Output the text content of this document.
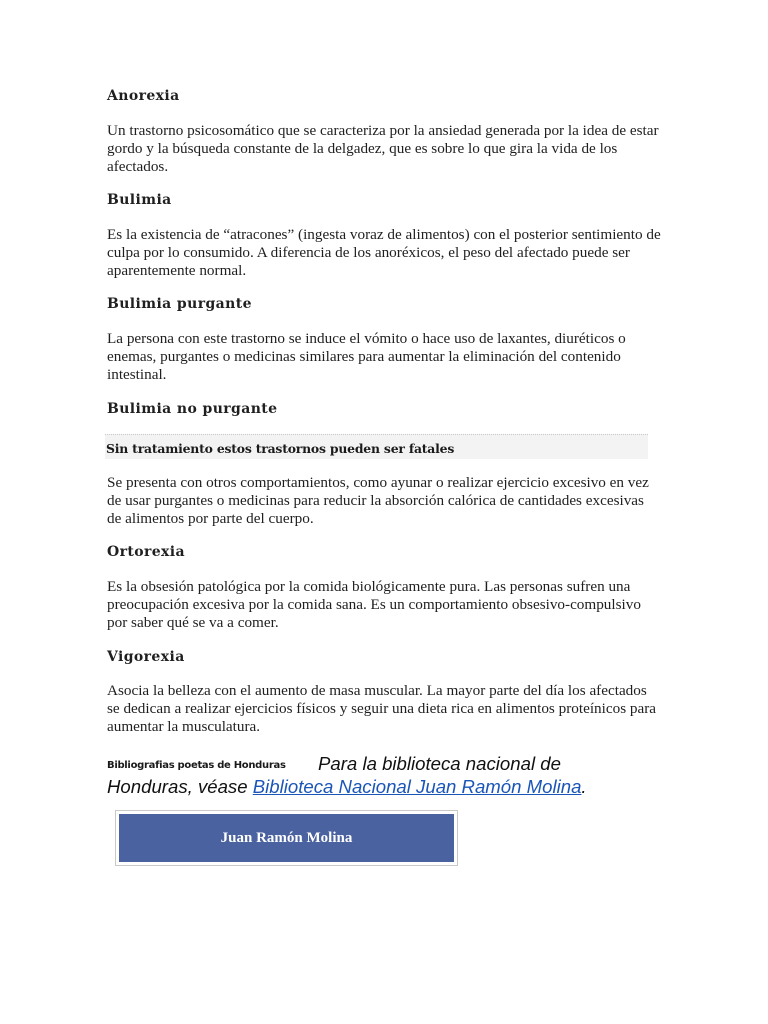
Anorexia
Un trastorno psicosomático que se caracteriza por la ansiedad generada por la idea de estar gordo y la búsqueda constante de la delgadez, que es sobre lo que gira la vida de los afectados.
Bulimia
Es la existencia de “atracones” (ingesta voraz de alimentos) con el posterior sentimiento de culpa por lo consumido. A diferencia de los anoréxicos, el peso del afectado puede ser aparentemente normal.
Bulimia purgante
La persona con este trastorno se induce el vómito o hace uso de laxantes, diuréticos o enemas, purgantes o medicinas similares para aumentar la eliminación del contenido intestinal.
Bulimia no purgante
Sin tratamiento estos trastornos pueden ser fatales
Se presenta con otros comportamientos, como ayunar o realizar ejercicio excesivo en vez de usar purgantes o medicinas para reducir la absorción calórica de cantidades excesivas de alimentos por parte del cuerpo.
Ortorexia
Es la obsesión patológica por la comida biológicamente pura. Las personas sufren una preocupación excesiva por la comida sana. Es un comportamiento obsesivo-compulsivo por saber qué se va a comer.
Vigorexia
Asocia la belleza con el aumento de masa muscular. La mayor parte del día los afectados se dedican a realizar ejercicios físicos y seguir una dieta rica en alimentos proteínicos para aumentar la musculatura.
Bibliografias poetas de Honduras Para la biblioteca nacional de
Honduras, véase Biblioteca Nacional Juan Ramón Molina.
Juan Ramón Molina
